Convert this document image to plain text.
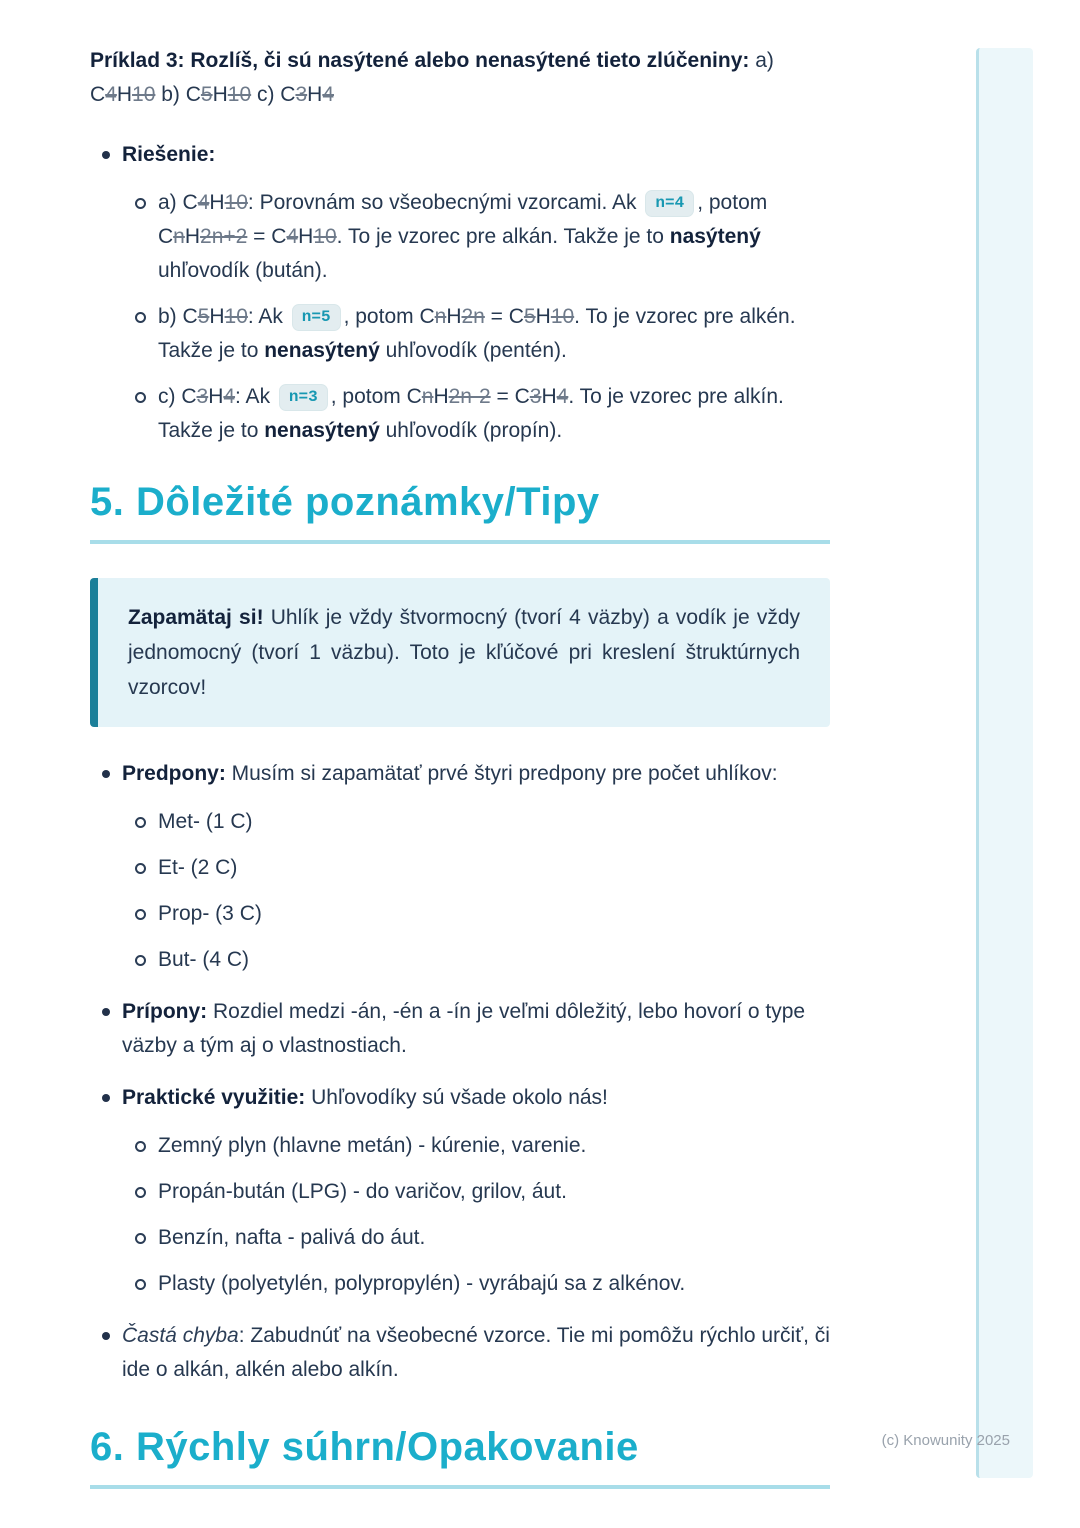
Príklad 3: Rozlíš, či sú nasýtené alebo nenasýtené tieto zlúčeniny: a) C4H10 b) C5H10 c) C3H4

Riešenie:
a) C4H10: Porovnám so všeobecnými vzorcami. Ak n=4 , potom CnH2n+2 = C4H10. To je vzorec pre alkán. Takže je to nasýtený uhľovodík (bután).
b) C5H10: Ak n=5 , potom CnH2n = C5H10. To je vzorec pre alkén. Takže je to nenasýtený uhľovodík (pentén).
c) C3H4: Ak n=3 , potom CnH2n-2 = C3H4. To je vzorec pre alkín. Takže je to nenasýtený uhľovodík (propín).
5. Dôležité poznámky/Tipy

Zapamätaj si! Uhlík je vždy štvormocný (tvorí 4 väzby) a vodík je vždy jednomocný (tvorí 1 väzbu). Toto je kľúčové pri kreslení štruktúrnych vzorcov!

Predpony: Musím si zapamätať prvé štyri predpony pre počet uhlíkov:
Met- (1 C)
Et- (2 C)
Prop- (3 C)
But- (4 C)
Prípony: Rozdiel medzi -án, -én a -ín je veľmi dôležitý, lebo hovorí o type väzby a tým aj o vlastnostiach.
Praktické využitie: Uhľovodíky sú všade okolo nás!
Zemný plyn (hlavne metán) - kúrenie, varenie.
Propán-bután (LPG) - do varičov, grilov, áut.
Benzín, nafta - palivá do áut.
Plasty (polyetylén, polypropylén) - vyrábajú sa z alkénov.
Častá chyba: Zabudnúť na všeobecné vzorce. Tie mi pomôžu rýchlo určiť, či ide o alkán, alkén alebo alkín.
6. Rýchly súhrn/Opakovanie	(c) Knowunity 2025
